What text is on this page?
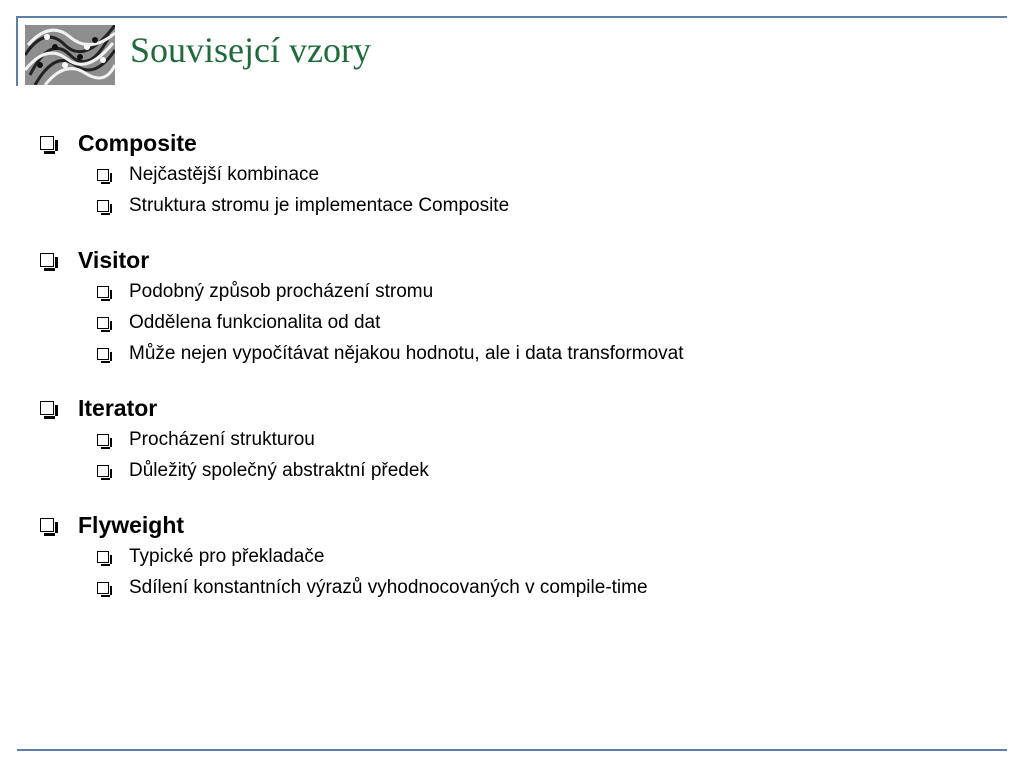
Souvisejcí vzory
Composite
Nejčastější kombinace
Struktura stromu je implementace Composite
Visitor
Podobný způsob procházení stromu
Oddělena funkcionalita od dat
Může nejen vypočítávat nějakou hodnotu, ale i data transformovat
Iterator
Procházení strukturou
Důležitý společný abstraktní předek
Flyweight
Typické pro překladače
Sdílení konstantních výrazů vyhodnocovaných v compile-time
